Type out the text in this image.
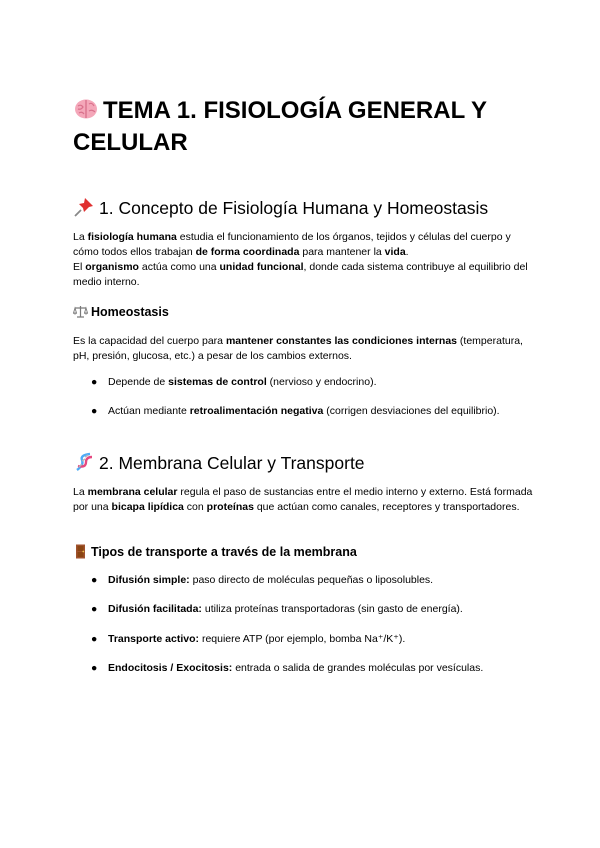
TEMA 1. FISIOLOGÍA GENERAL Y CELULAR
1. Concepto de Fisiología Humana y Homeostasis

La fisiología humana estudia el funcionamiento de los órganos, tejidos y células del cuerpo y cómo todos ellos trabajan de forma coordinada para mantener la vida.
El organismo actúa como una unidad funcional, donde cada sistema contribuye al equilibrio del medio interno.

Homeostasis

Es la capacidad del cuerpo para mantener constantes las condiciones internas (temperatura, pH, presión, glucosa, etc.) a pesar de los cambios externos.

● Depende de sistemas de control (nervioso y endocrino).
● Actúan mediante retroalimentación negativa (corrigen desviaciones del equilibrio).
2. Membrana Celular y Transporte

La membrana celular regula el paso de sustancias entre el medio interno y externo. Está formada por una bicapa lipídica con proteínas que actúan como canales, receptores y transportadores.

Tipos de transporte a través de la membrana
● Difusión simple: paso directo de moléculas pequeñas o liposolubles.
● Difusión facilitada: utiliza proteínas transportadoras (sin gasto de energía).
● Transporte activo: requiere ATP (por ejemplo, bomba Na⁺/K⁺).
● Endocitosis / Exocitosis: entrada o salida de grandes moléculas por vesículas.
